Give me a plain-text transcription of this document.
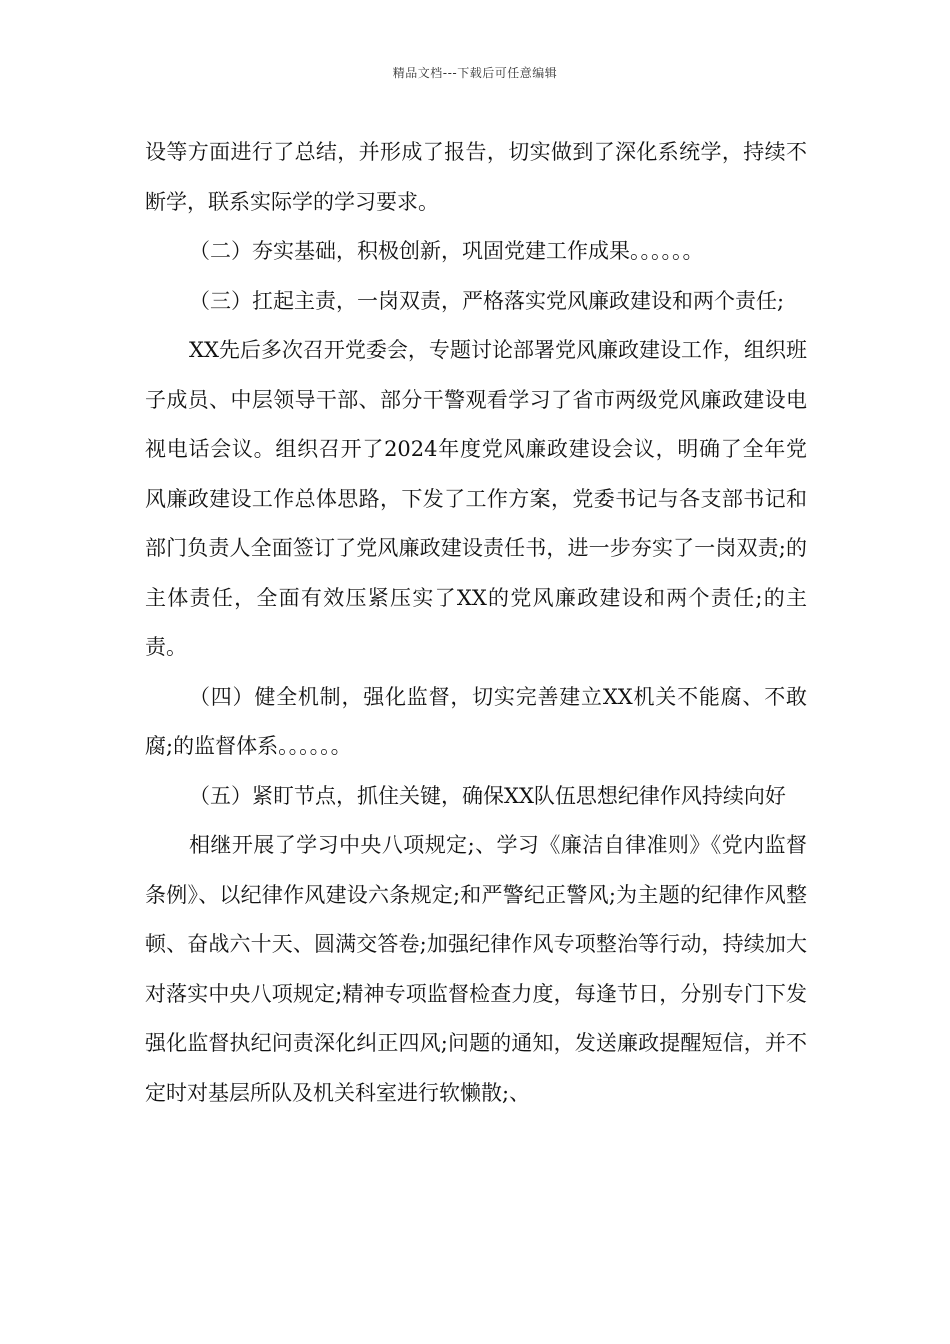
精品文档---下载后可任意编辑

设等方面进行了总结，并形成了报告，切实做到了深化系统学，持续不断学，联系实际学的学习要求。

（二）夯实基础，积极创新，巩固党建工作成果。。。。。。

（三）扛起主责，一岗双责，严格落实党风廉政建设和两个责任;

XX先后多次召开党委会，专题讨论部署党风廉政建设工作，组织班子成员、中层领导干部、部分干警观看学习了省市两级党风廉政建设电视电话会议。组织召开了2024年度党风廉政建设会议，明确了全年党风廉政建设工作总体思路，下发了工作方案，党委书记与各支部书记和部门负责人全面签订了党风廉政建设责任书，进一步夯实了一岗双责;的主体责任，全面有效压紧压实了XX的党风廉政建设和两个责任;的主责。

（四）健全机制，强化监督，切实完善建立XX机关不能腐、不敢腐;的监督体系。。。。。。

（五）紧盯节点，抓住关键，确保XX队伍思想纪律作风持续向好

相继开展了学习中央八项规定;、学习《廉洁自律准则》《党内监督条例》、以纪律作风建设六条规定;和严警纪正警风;为主题的纪律作风整顿、奋战六十天、圆满交答卷;加强纪律作风专项整治等行动，持续加大对落实中央八项规定;精神专项监督检查力度，每逢节日，分别专门下发强化监督执纪问责深化纠正四风;问题的通知，发送廉政提醒短信，并不定时对基层所队及机关科室进行软懒散;、
